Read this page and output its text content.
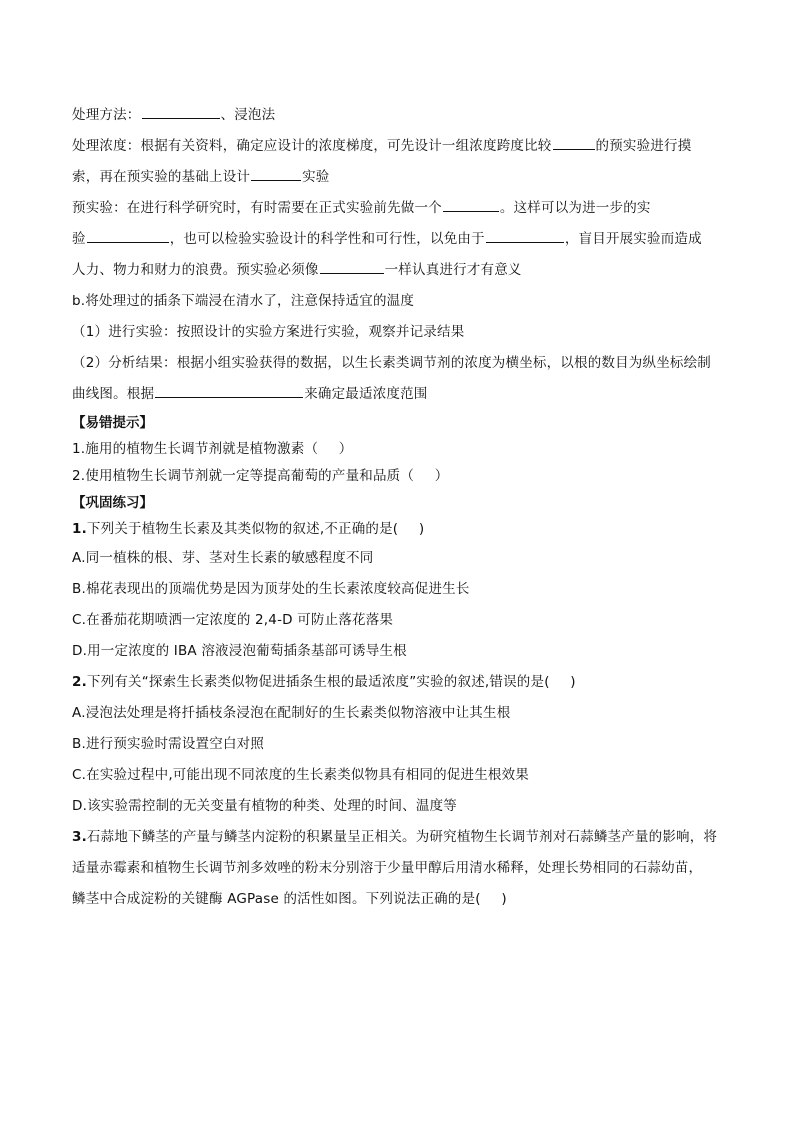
处理方法：	、浸泡法
处理浓度：根据有关资料，确定应设计的浓度梯度，可先设计一组浓度跨度比较	的预实验进行摸
索，再在预实验的基础上设计	实验
预实验：在进行科学研究时，有时需要在正式实验前先做一个	。这样可以为进一步的实
验	，也可以检验实验设计的科学性和可行性，以免由于	，盲目开展实验而造成
人力、物力和财力的浪费。预实验必须像	一样认真进行才有意义
b.将处理过的插条下端浸在清水了，注意保持适宜的温度
（1）进行实验：按照设计的实验方案进行实验，观察并记录结果
（2）分析结果：根据小组实验获得的数据，以生长素类调节剂的浓度为横坐标，以根的数目为纵坐标绘制
曲线图。根据	来确定最适浓度范围
【易错提示】
1.施用的植物生长调节剂就是植物激素（ ）
2.使用植物生长调节剂就一定等提高葡萄的产量和品质（ ）
【巩固练习】
1.下列关于植物生长素及其类似物的叙述,不正确的是( )
A.同一植株的根、芽、茎对生长素的敏感程度不同
B.棉花表现出的顶端优势是因为顶芽处的生长素浓度较高促进生长
C.在番茄花期喷洒一定浓度的 2,4-D 可防止落花落果
D.用一定浓度的 IBA 溶液浸泡葡萄插条基部可诱导生根
2.下列有关“探索生长素类似物促进插条生根的最适浓度”实验的叙述,错误的是( )
A.浸泡法处理是将扦插枝条浸泡在配制好的生长素类似物溶液中让其生根
B.进行预实验时需设置空白对照
C.在实验过程中,可能出现不同浓度的生长素类似物具有相同的促进生根效果
D.该实验需控制的无关变量有植物的种类、处理的时间、温度等
3.石蒜地下鳞茎的产量与鳞茎内淀粉的积累量呈正相关。为研究植物生长调节剂对石蒜鳞茎产量的影响，将
适量赤霉素和植物生长调节剂多效唑的粉末分别溶于少量甲醇后用清水稀释，处理长势相同的石蒜幼苗，
鳞茎中合成淀粉的关键酶 AGPase 的活性如图。下列说法正确的是( )
